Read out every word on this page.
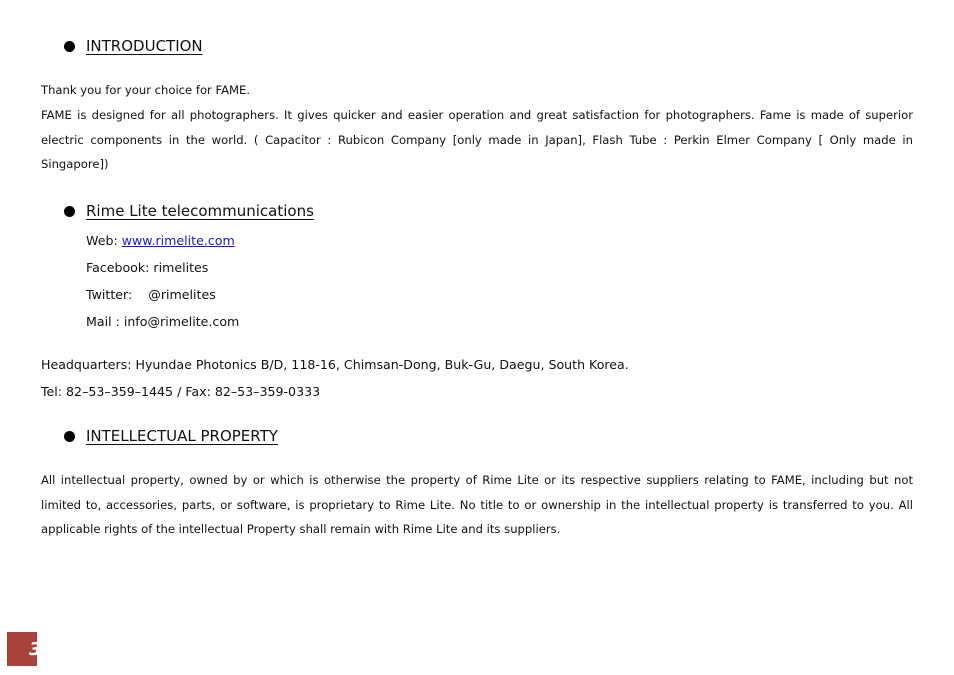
INTRODUCTION
Thank you for your choice for FAME.
FAME is designed for all photographers. It gives quicker and easier operation and great satisfaction for photographers. Fame is made of superior electric components in the world. ( Capacitor : Rubicon Company [only made in Japan], Flash Tube : Perkin Elmer Company [ Only made in Singapore])
Rime Lite telecommunications
Web: www.rimelite.com
Facebook: rimelites
Twitter:    @rimelites
Mail : info@rimelite.com
Headquarters: Hyundae Photonics B/D, 118-16, Chimsan-Dong, Buk-Gu, Daegu, South Korea.
Tel: 82–53–359–1445 / Fax: 82–53–359-0333
INTELLECTUAL PROPERTY
All intellectual property, owned by or which is otherwise the property of Rime Lite or its respective suppliers relating to FAME, including but not limited to, accessories, parts, or software, is proprietary to Rime Lite. No title to or ownership in the intellectual property is transferred to you. All applicable rights of the intellectual Property shall remain with Rime Lite and its suppliers.
3
